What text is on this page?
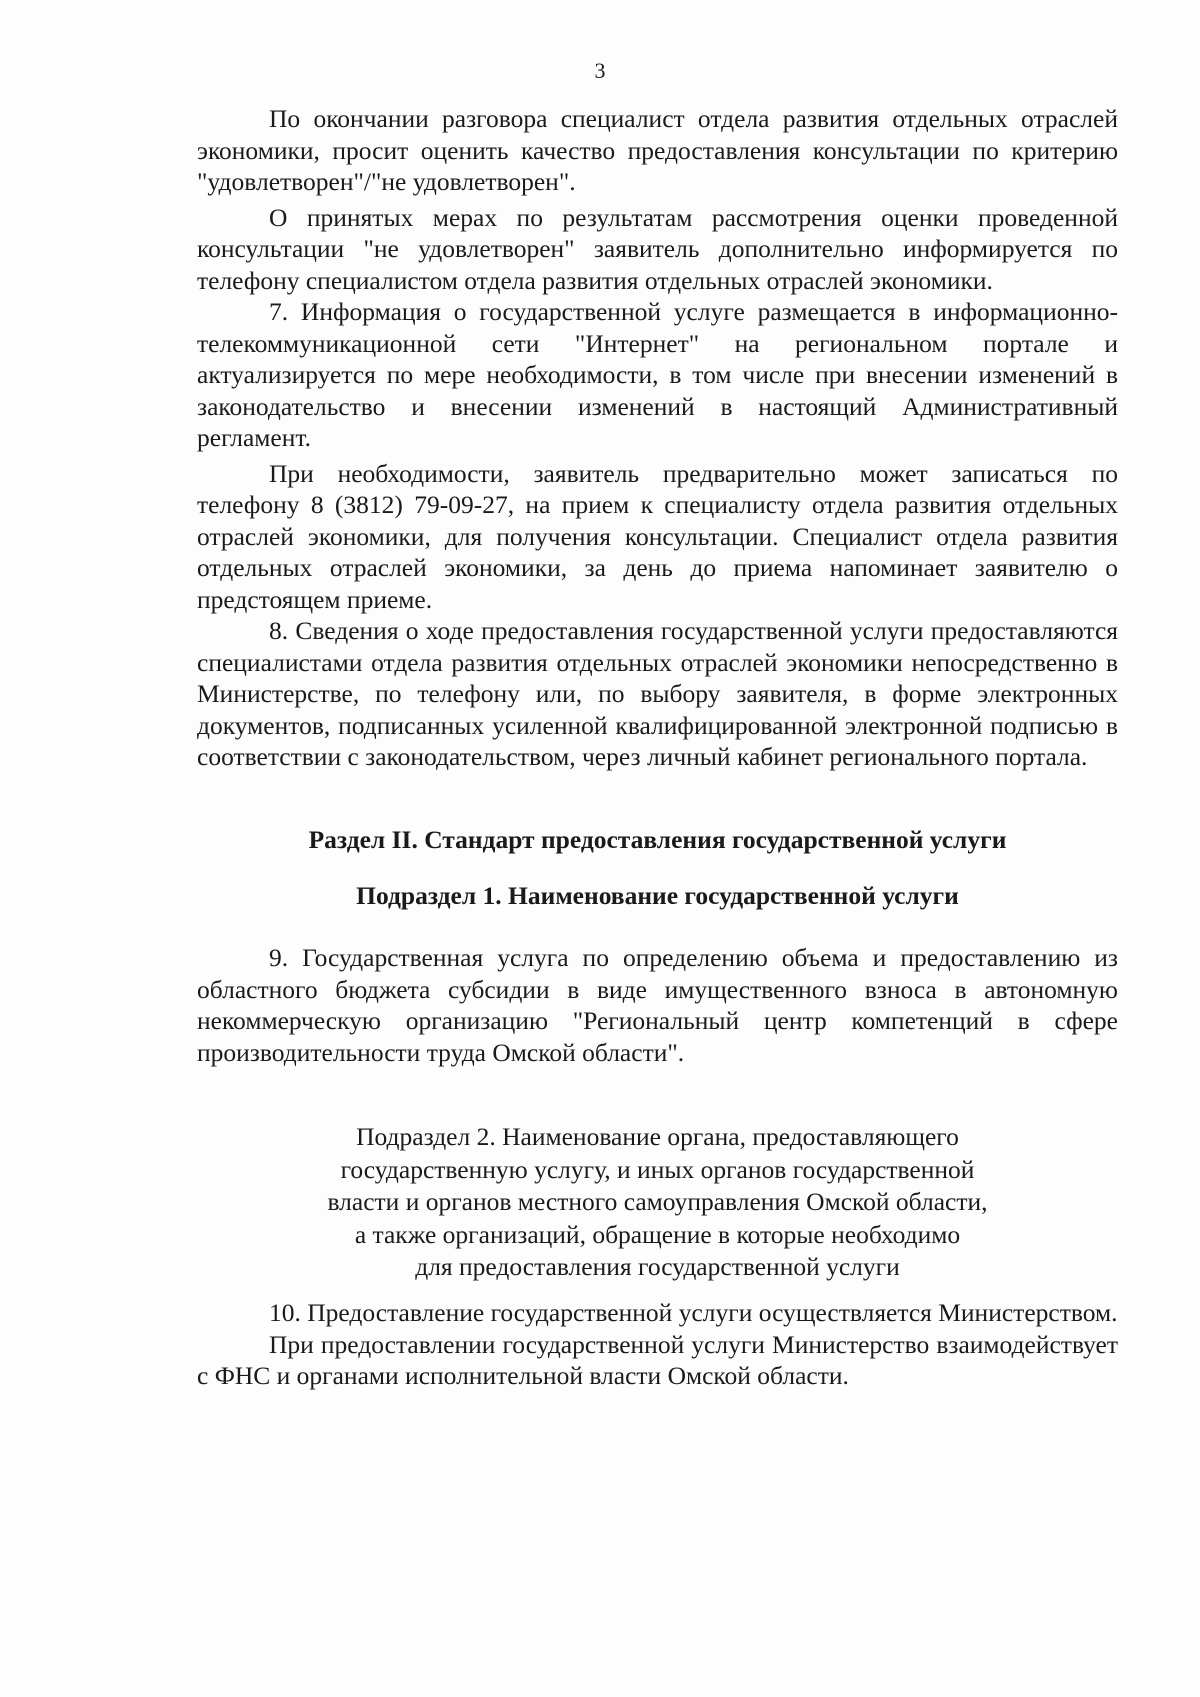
3

По окончании разговора специалист отдела развития отдельных отраслей экономики, просит оценить качество предоставления консультации по критерию "удовлетворен"/"не удовлетворен".

О принятых мерах по результатам рассмотрения оценки проведенной консультации "не удовлетворен" заявитель дополнительно информируется по телефону специалистом отдела развития отдельных отраслей экономики.

7. Информация о государственной услуге размещается в информационно-телекоммуникационной сети "Интернет" на региональном портале и актуализируется по мере необходимости, в том числе при внесении изменений в законодательство и внесении изменений в настоящий Административный регламент.

При необходимости, заявитель предварительно может записаться по телефону 8 (3812) 79-09-27, на прием к специалисту отдела развития отдельных отраслей экономики, для получения консультации. Специалист отдела развития отдельных отраслей экономики, за день до приема напоминает заявителю о предстоящем приеме.

8. Сведения о ходе предоставления государственной услуги предоставляются специалистами отдела развития отдельных отраслей экономики непосредственно в Министерстве, по телефону или, по выбору заявителя, в форме электронных документов, подписанных усиленной квалифицированной электронной подписью в соответствии с законодательством, через личный кабинет регионального портала.

Раздел II. Стандарт предоставления государственной услуги
Подраздел 1. Наименование государственной услуги

9. Государственная услуга по определению объема и предоставлению из областного бюджета субсидии в виде имущественного взноса в автономную некоммерческую организацию "Региональный центр компетенций в сфере производительности труда Омской области".

Подраздел 2. Наименование органа, предоставляющего
государственную услугу, и иных органов государственной
власти и органов местного самоуправления Омской области,
а также организаций, обращение в которые необходимо
для предоставления государственной услуги

10. Предоставление государственной услуги осуществляется Министерством.

При предоставлении государственной услуги Министерство взаимодействует с ФНС и органами исполнительной власти Омской области.
